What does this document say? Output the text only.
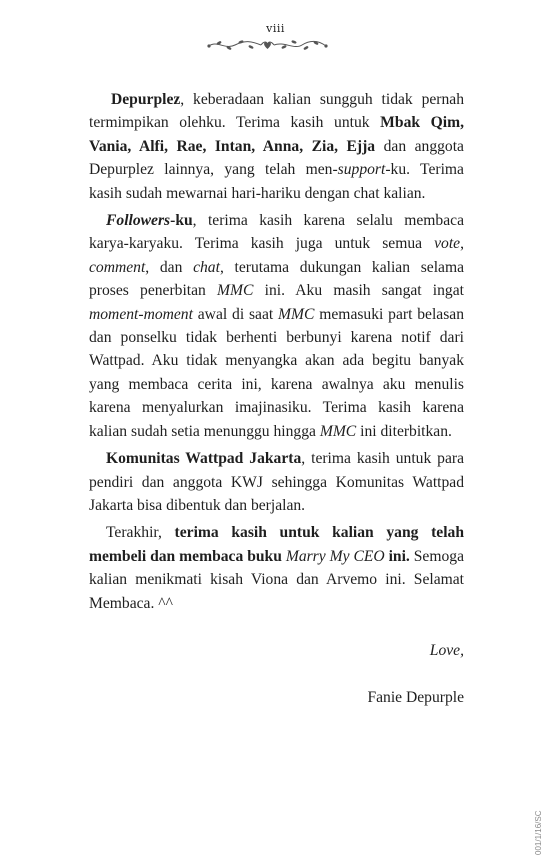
viii

Depurplez, keberadaan kalian sungguh tidak pernah termimpikan olehku. Terima kasih untuk Mbak Qim, Vania, Alfi, Rae, Intan, Anna, Zia, Ejja dan anggota Depurplez lainnya, yang telah men-support-ku. Terima kasih sudah mewarnai hari-hariku dengan chat kalian.

Followers-ku, terima kasih karena selalu membaca karya-karyaku. Terima kasih juga untuk semua vote, comment, dan chat, terutama dukungan kalian selama proses penerbitan MMC ini. Aku masih sangat ingat moment-moment awal di saat MMC memasuki part belasan dan ponselku tidak berhenti berbunyi karena notif dari Wattpad. Aku tidak menyangka akan ada begitu banyak yang membaca cerita ini, karena awalnya aku menulis karena menyalurkan imajinasiku. Terima kasih karena kalian sudah setia menunggu hingga MMC ini diterbitkan.

Komunitas Wattpad Jakarta, terima kasih untuk para pendiri dan anggota KWJ sehingga Komunitas Wattpad Jakarta bisa dibentuk dan berjalan.

Terakhir, terima kasih untuk kalian yang telah membeli dan membaca buku Marry My CEO ini. Semoga kalian menikmati kisah Viona dan Arvemo ini. Selamat Membaca. ^^

Love,
Fanie Depurple
001/1/16/SC
